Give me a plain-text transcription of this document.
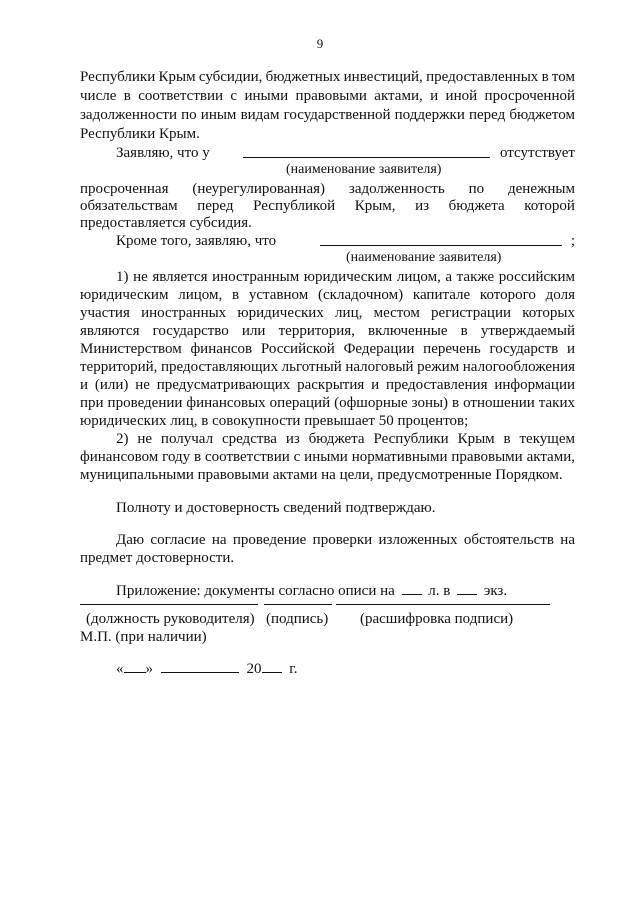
9
Республики Крым субсидии, бюджетных инвестиций, предоставленных в том
числе в соответствии с иными правовыми актами, и иной просроченной
задолженности по иным видам государственной поддержки перед бюджетом
Республики Крым.
Заявляю, что у	отсутствует
(наименование заявителя)
просроченная (неурегулированная) задолженность по денежным
обязательствам перед Республикой Крым, из бюджета которой
предоставляется субсидия.
Кроме того, заявляю, что	;
(наименование заявителя)
1) не является иностранным юридическим лицом, а также российским
юридическим лицом, в уставном (складочном) капитале которого доля
участия иностранных юридических лиц, местом регистрации которых
являются государство или территория, включенные в утверждаемый
Министерством финансов Российской Федерации перечень государств и
территорий, предоставляющих льготный налоговый режим налогообложения
и (или) не предусматривающих раскрытия и предоставления информации
при проведении финансовых операций (офшорные зоны) в отношении таких
юридических лиц, в совокупности превышает 50 процентов;
2) не получал средства из бюджета Республики Крым в текущем
финансовом году в соответствии с иными нормативными правовыми актами,
муниципальными правовыми актами на цели, предусмотренные Порядком.
Полноту и достоверность сведений подтверждаю.
Даю согласие на проведение проверки изложенных обстоятельств на
предмет достоверности.
Приложение: документы согласно описи на л. в экз.
(должность руководителя) (подпись) (расшифровка подписи)
М.П. (при наличии)
« »	20 г.
